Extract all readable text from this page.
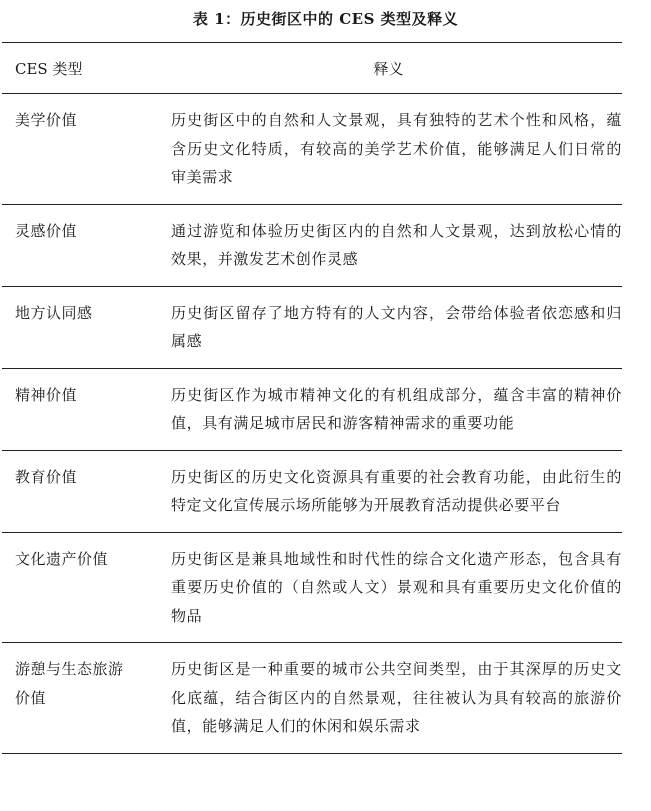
表 1：历史街区中的 CES 类型及释义
CES 类型	释义
美学价值	历史街区中的自然和人文景观，具有独特的艺术个性和风格，蕴含历史文化特质，有较高的美学艺术价值，能够满足人们日常的审美需求
灵感价值	通过游览和体验历史街区内的自然和人文景观，达到放松心情的效果，并激发艺术创作灵感
地方认同感	历史街区留存了地方特有的人文内容，会带给体验者依恋感和归属感
精神价值	历史街区作为城市精神文化的有机组成部分，蕴含丰富的精神价值，具有满足城市居民和游客精神需求的重要功能
教育价值	历史街区的历史文化资源具有重要的社会教育功能，由此衍生的特定文化宣传展示场所能够为开展教育活动提供必要平台
文化遗产价值	历史街区是兼具地域性和时代性的综合文化遗产形态，包含具有重要历史价值的（自然或人文）景观和具有重要历史文化价值的物品
游憩与生态旅游价值	历史街区是一种重要的城市公共空间类型，由于其深厚的历史文化底蕴，结合街区内的自然景观，往往被认为具有较高的旅游价值，能够满足人们的休闲和娱乐需求
